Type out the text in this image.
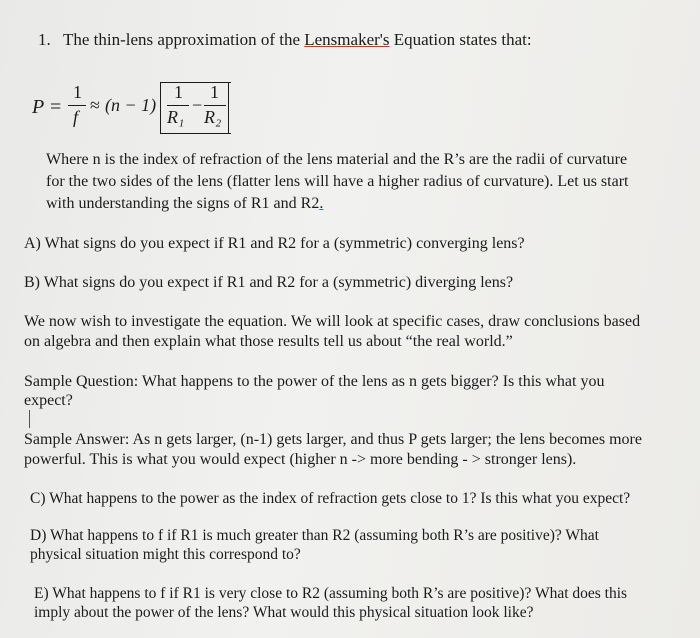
1. The thin-lens approximation of the Lensmaker's Equation states that:
P =
1
f
≈ (n − 1)
1
R₁
−
1
R₂
Where n is the index of refraction of the lens material and the R’s are the radii of curvature
for the two sides of the lens (flatter lens will have a higher radius of curvature). Let us start
with understanding the signs of R1 and R2.
A) What signs do you expect if R1 and R2 for a (symmetric) converging lens?
B) What signs do you expect if R1 and R2 for a (symmetric) diverging lens?
We now wish to investigate the equation. We will look at specific cases, draw conclusions based
on algebra and then explain what those results tell us about “the real world.”
Sample Question: What happens to the power of the lens as n gets bigger? Is this what you
expect?
Sample Answer: As n gets larger, (n-1) gets larger, and thus P gets larger; the lens becomes more
powerful. This is what you would expect (higher n -> more bending - > stronger lens).
C) What happens to the power as the index of refraction gets close to 1? Is this what you expect?
D) What happens to f if R1 is much greater than R2 (assuming both R’s are positive)? What
physical situation might this correspond to?
E) What happens to f if R1 is very close to R2 (assuming both R’s are positive)? What does this
imply about the power of the lens? What would this physical situation look like?
